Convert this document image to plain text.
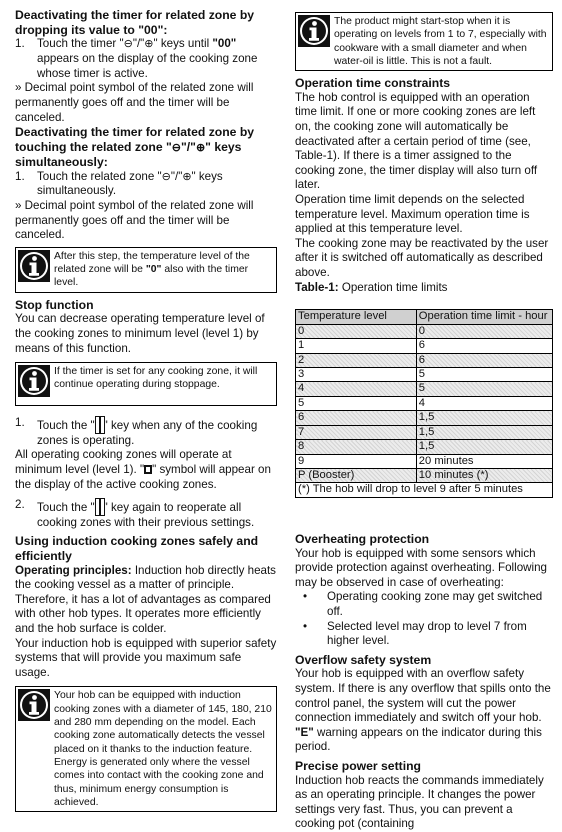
Deactivating the timer for related zone by dropping its value to "00":
1.	Touch the timer "⊖"/"⊕" keys until "00" appears on the display of the cooking zone whose timer is active.

» Decimal point symbol of the related zone will permanently goes off and the timer will be canceled.

Deactivating the timer for related zone by touching the related zone "⊖"/"⊕" keys simultaneously:
1.	Touch the related zone "⊖"/"⊕" keys simultaneously.

» Decimal point symbol of the related zone will permanently goes off and the timer will be canceled.

After this step, the temperature level of the related zone will be "0" also with the timer level.
Stop function

You can decrease operating temperature level of the cooking zones to minimum level (level 1) by means of this function.

If the timer is set for any cooking zone, it will continue operating during stoppage.
1.	Touch the " " key when any of the cooking zones is operating.

All operating cooking zones will operate at minimum level (level 1). " " symbol will appear on the display of the active cooking zones.

2.	Touch the " " key again to reoperate all cooking zones with their previous settings.
Using induction cooking zones safely and efficiently

Operating principles: Induction hob directly heats the cooking vessel as a matter of principle. Therefore, it has a lot of advantages as compared with other hob types. It operates more efficiently and the hob surface is colder.

Your induction hob is equipped with superior safety systems that will provide you maximum safe usage.

Your hob can be equipped with induction cooking zones with a diameter of 145, 180, 210 and 280 mm depending on the model. Each cooking zone automatically detects the vessel placed on it thanks to the induction feature. Energy is generated only where the vessel comes into contact with the cooking zone and thus, minimum energy consumption is achieved.
The product might start-stop when it is operating on levels from 1 to 7, especially with cookware with a small diameter and when water-oil is little. This is not a fault.
Operation time constraints

The hob control is equipped with an operation time limit. If one or more cooking zones are left on, the cooking zone will automatically be deactivated after a certain period of time (see, Table-1). If there is a timer assigned to the cooking zone, the timer display will also turn off later.

Operation time limit depends on the selected temperature level. Maximum operation time is applied at this temperature level.

The cooking zone may be reactivated by the user after it is switched off automatically as described above.

Table-1: Operation time limits

Temperature level	Operation time limit - hour
0	0
1	6
2	6
3	5
4	5
5	4
6	1,5
7	1,5
8	1,5
9	20 minutes
P (Booster)	10 minutes (*)
(*) The hob will drop to level 9 after 5 minutes	
Overheating protection

Your hob is equipped with some sensors which provide protection against overheating. Following may be observed in case of overheating:

•	Operating cooking zone may get switched off.
•	Selected level may drop to level 7 from higher level.
Overflow safety system

Your hob is equipped with an overflow safety system. If there is any overflow that spills onto the control panel, the system will cut the power connection immediately and switch off your hob. "E" warning appears on the indicator during this period.

Precise power setting

Induction hob reacts the commands immediately as an operating principle. It changes the power settings very fast. Thus, you can prevent a cooking pot (containing
